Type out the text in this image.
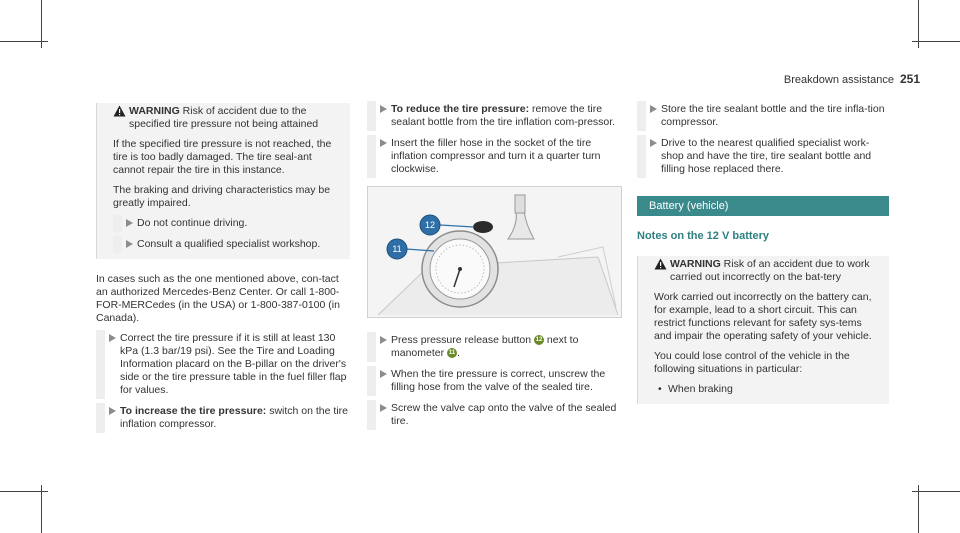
Breakdown assistance 251
WARNING Risk of accident due to the specified tire pressure not being attained

If the specified tire pressure is not reached, the tire is too badly damaged. The tire seal-ant cannot repair the tire in this instance.

The braking and driving characteristics may be greatly impaired.

Do not continue driving.
Consult a qualified specialist workshop.

In cases such as the one mentioned above, con-tact an authorized Mercedes-Benz Center. Or call 1-800-FOR-MERCedes (in the USA) or 1-800-387-0100 (in Canada).

Correct the tire pressure if it is still at least 130 kPa (1.3 bar/19 psi). See the Tire and Loading Information placard on the B-pillar on the driver's side or the tire pressure table in the fuel filler flap for values.
To increase the tire pressure: switch on the tire inflation compressor.
To reduce the tire pressure: remove the tire sealant bottle from the tire inflation com-pressor.
Insert the filler hose in the socket of the tire inflation compressor and turn it a quarter turn clockwise.
12
11
Press pressure release button 12 next to manometer 11 .
When the tire pressure is correct, unscrew the filling hose from the valve of the sealed tire.
Screw the valve cap onto the valve of the sealed tire.
Store the tire sealant bottle and the tire infla-tion compressor.
Drive to the nearest qualified specialist work-shop and have the tire, tire sealant bottle and filling hose replaced there.
Battery (vehicle)
Notes on the 12 V battery
WARNING Risk of an accident due to work carried out incorrectly on the bat-tery

Work carried out incorrectly on the battery can, for example, lead to a short circuit. This can restrict functions relevant for safety sys-tems and impair the operating safety of your vehicle.

You could lose control of the vehicle in the following situations in particular:

• When braking
